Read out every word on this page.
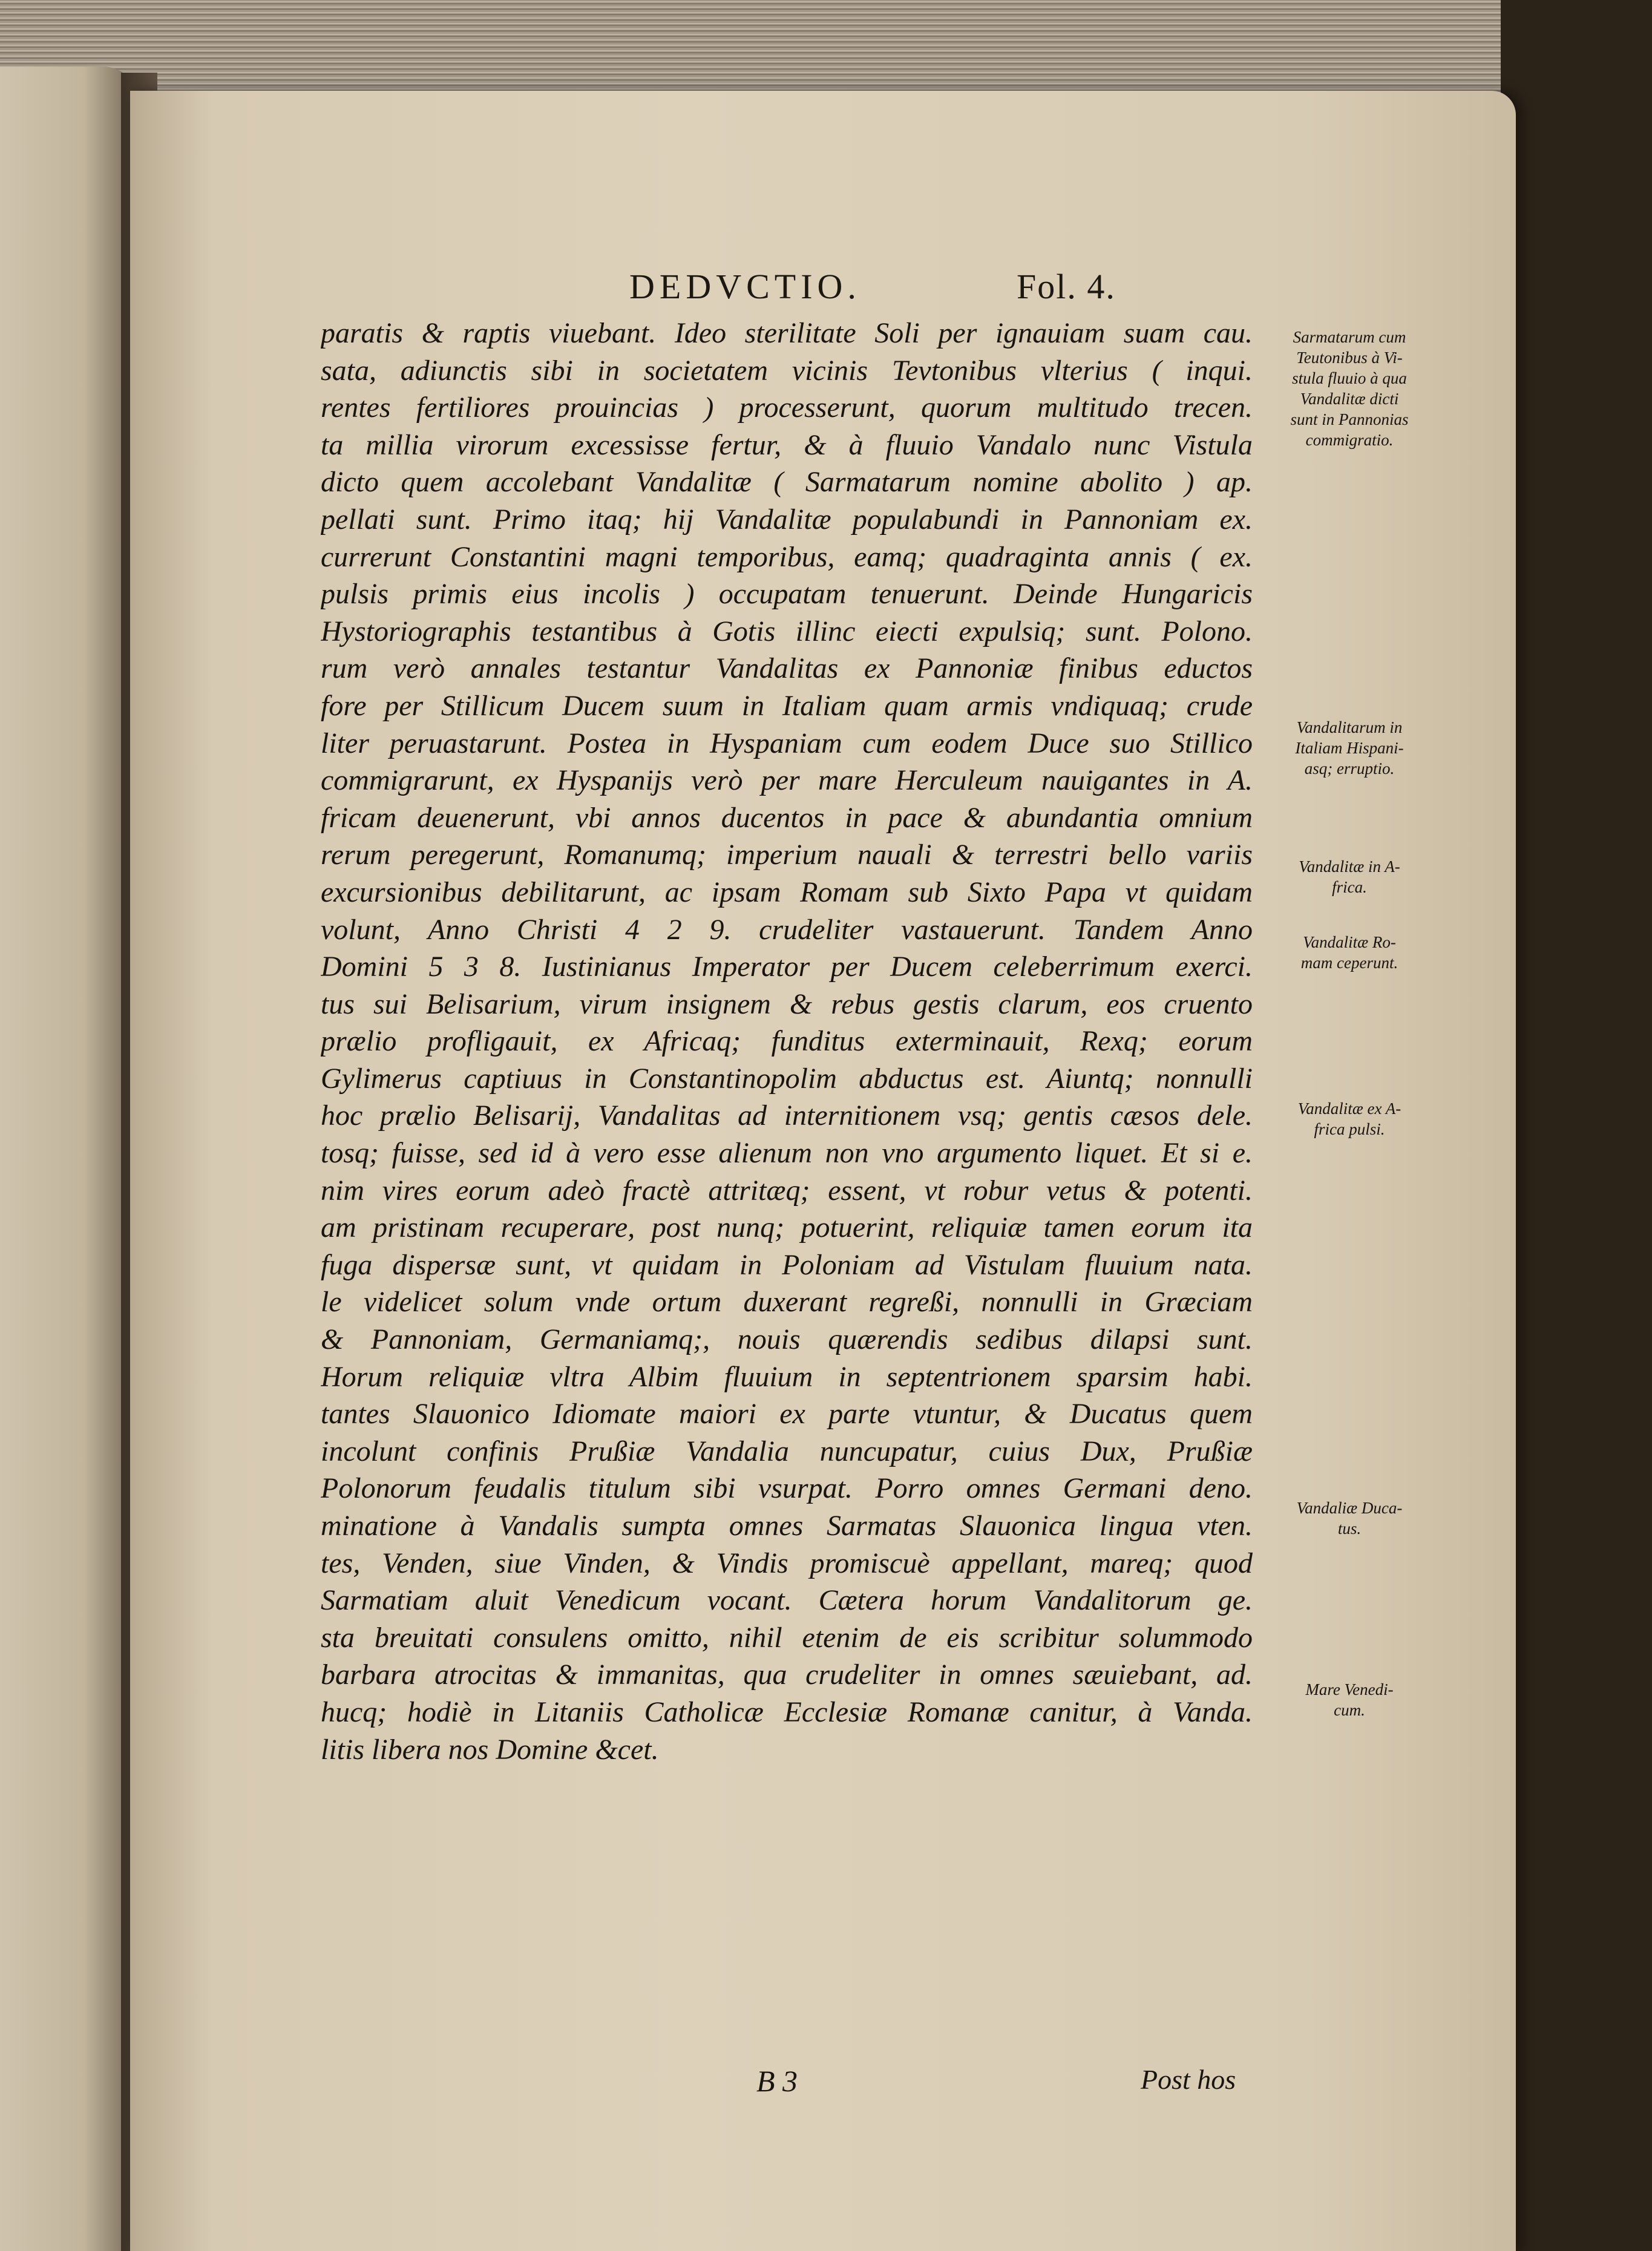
DEDVCTIO.	Fol. 4.
paratis & raptis viuebant. Ideo sterilitate Soli per ignauiam suam cau.
sata, adiunctis sibi in societatem vicinis Tevtonibus vlterius ( inqui.
rentes fertiliores prouincias ) processerunt, quorum multitudo trecen.
ta millia virorum excessisse fertur, & à fluuio Vandalo nunc Vistula
dicto quem accolebant Vandalitæ ( Sarmatarum nomine abolito ) ap.
pellati sunt. Primo itaq; hij Vandalitæ populabundi in Pannoniam ex.
currerunt Constantini magni temporibus, eamq; quadraginta annis ( ex.
pulsis primis eius incolis ) occupatam tenuerunt. Deinde Hungaricis
Hystoriographis testantibus à Gotis illinc eiecti expulsiq; sunt. Polono.
rum verò annales testantur Vandalitas ex Pannoniæ finibus eductos
fore per Stillicum Ducem suum in Italiam quam armis vndiquaq; crude
liter peruastarunt. Postea in Hyspaniam cum eodem Duce suo Stillico
commigrarunt, ex Hyspanijs verò per mare Herculeum nauigantes in A.
fricam deuenerunt, vbi annos ducentos in pace & abundantia omnium
rerum peregerunt, Romanumq; imperium nauali & terrestri bello variis
excursionibus debilitarunt, ac ipsam Romam sub Sixto Papa vt quidam
volunt, Anno Christi 4 2 9. crudeliter vastauerunt. Tandem Anno
Domini 5 3 8. Iustinianus Imperator per Ducem celeberrimum exerci.
tus sui Belisarium, virum insignem & rebus gestis clarum, eos cruento
prælio profligauit, ex Africaq; funditus exterminauit, Rexq; eorum
Gylimerus captiuus in Constantinopolim abductus est. Aiuntq; nonnulli
hoc prælio Belisarij, Vandalitas ad internitionem vsq; gentis cæsos dele.
tosq; fuisse, sed id à vero esse alienum non vno argumento liquet. Et si e.
nim vires eorum adeò fractè attritæq; essent, vt robur vetus & potenti.
am pristinam recuperare, post nunq; potuerint, reliquiæ tamen eorum ita
fuga dispersæ sunt, vt quidam in Poloniam ad Vistulam fluuium nata.
le videlicet solum vnde ortum duxerant regreßi, nonnulli in Græciam
& Pannoniam, Germaniamq;, nouis quærendis sedibus dilapsi sunt.
Horum reliquiæ vltra Albim fluuium in septentrionem sparsim habi.
tantes Slauonico Idiomate maiori ex parte vtuntur, & Ducatus quem
incolunt confinis Prußiæ Vandalia nuncupatur, cuius Dux, Prußiæ
Polonorum feudalis titulum sibi vsurpat. Porro omnes Germani deno.
minatione à Vandalis sumpta omnes Sarmatas Slauonica lingua vten.
tes, Venden, siue Vinden, & Vindis promiscuè appellant, mareq; quod
Sarmatiam aluit Venedicum vocant. Cætera horum Vandalitorum ge.
sta breuitati consulens omitto, nihil etenim de eis scribitur solummodo
barbara atrocitas & immanitas, qua crudeliter in omnes sæuiebant, ad.
hucq; hodiè in Litaniis Catholicæ Ecclesiæ Romanæ canitur, à Vanda.
litis libera nos Domine &cet.
Sarmatarum cum
Teutonibus à Vi-
stula fluuio à qua
Vandalitæ dicti
sunt in Pannonias
commigratio.
Vandalitarum in
Italiam Hispani-
asq; erruptio.
Vandalitæ in A-
frica.
Vandalitæ Ro-
mam ceperunt.
Vandalitæ ex A-
frica pulsi.
Vandaliæ Duca-
tus.
Mare Venedi-
cum.
B 3	Post hos
